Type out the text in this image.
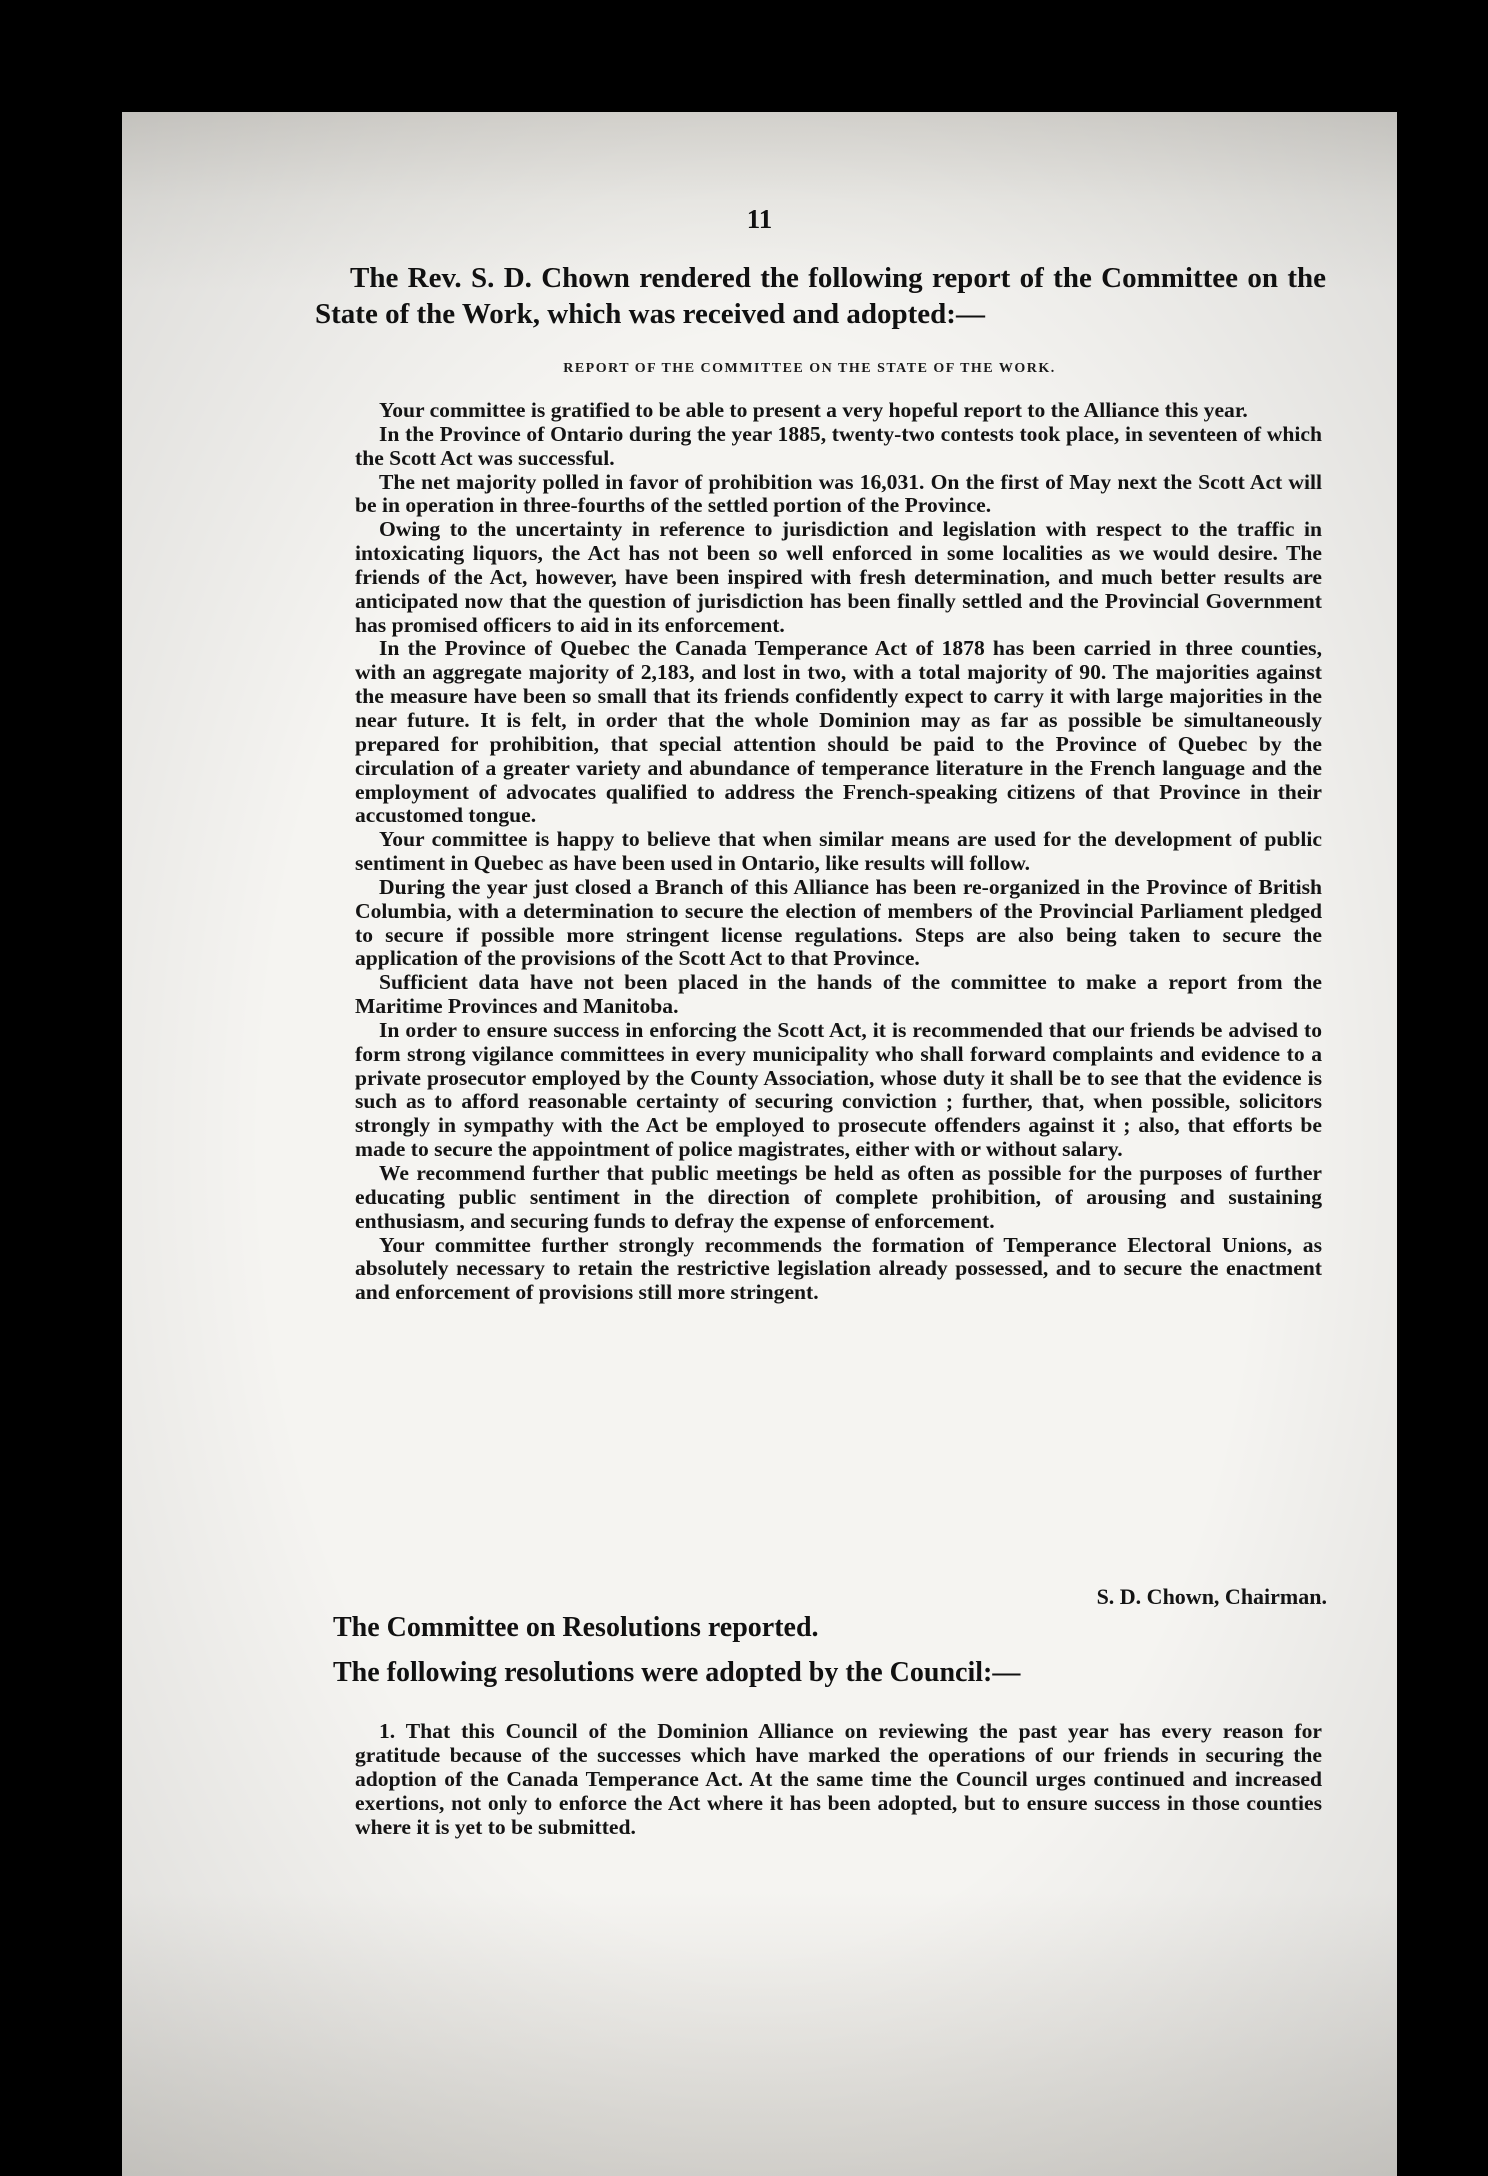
11

The Rev. S. D. Chown rendered the following report of the Committee on the State of the Work, which was received and adopted:—

REPORT OF THE COMMITTEE ON THE STATE OF THE WORK.

Your committee is gratified to be able to present a very hopeful report to the Alliance this year.

In the Province of Ontario during the year 1885, twenty-two contests took place, in seventeen of which the Scott Act was successful.

The net majority polled in favor of prohibition was 16,031. On the first of May next the Scott Act will be in operation in three-fourths of the settled portion of the Province.

Owing to the uncertainty in reference to jurisdiction and legislation with respect to the traffic in intoxicating liquors, the Act has not been so well enforced in some localities as we would desire. The friends of the Act, however, have been inspired with fresh determination, and much better results are anticipated now that the question of jurisdiction has been finally settled and the Provincial Government has promised officers to aid in its enforcement.

In the Province of Quebec the Canada Temperance Act of 1878 has been carried in three counties, with an aggregate majority of 2,183, and lost in two, with a total majority of 90. The majorities against the measure have been so small that its friends confidently expect to carry it with large majorities in the near future. It is felt, in order that the whole Dominion may as far as possible be simultaneously prepared for prohibition, that special attention should be paid to the Province of Quebec by the circulation of a greater variety and abundance of temperance literature in the French language and the employment of advocates qualified to address the French-speaking citizens of that Province in their accustomed tongue.

Your committee is happy to believe that when similar means are used for the development of public sentiment in Quebec as have been used in Ontario, like results will follow.

During the year just closed a Branch of this Alliance has been re-organized in the Province of British Columbia, with a determination to secure the election of members of the Provincial Parliament pledged to secure if possible more stringent license regulations. Steps are also being taken to secure the application of the provisions of the Scott Act to that Province.

Sufficient data have not been placed in the hands of the committee to make a report from the Maritime Provinces and Manitoba.

In order to ensure success in enforcing the Scott Act, it is recommended that our friends be advised to form strong vigilance committees in every municipality who shall forward complaints and evidence to a private prosecutor employed by the County Association, whose duty it shall be to see that the evidence is such as to afford reasonable certainty of securing conviction ; further, that, when possible, solicitors strongly in sympathy with the Act be employed to prosecute offenders against it ; also, that efforts be made to secure the appointment of police magistrates, either with or without salary.

We recommend further that public meetings be held as often as possible for the purposes of further educating public sentiment in the direction of complete prohibition, of arousing and sustaining enthusiasm, and securing funds to defray the expense of enforcement.

Your committee further strongly recommends the formation of Temperance Electoral Unions, as absolutely necessary to retain the restrictive legislation already possessed, and to secure the enactment and enforcement of provisions still more stringent.

S. D. Chown, Chairman.

The Committee on Resolutions reported.

The following resolutions were adopted by the Council:—

1. That this Council of the Dominion Alliance on reviewing the past year has every reason for gratitude because of the successes which have marked the operations of our friends in securing the adoption of the Canada Temperance Act. At the same time the Council urges continued and increased exertions, not only to enforce the Act where it has been adopted, but to ensure success in those counties where it is yet to be submitted.
